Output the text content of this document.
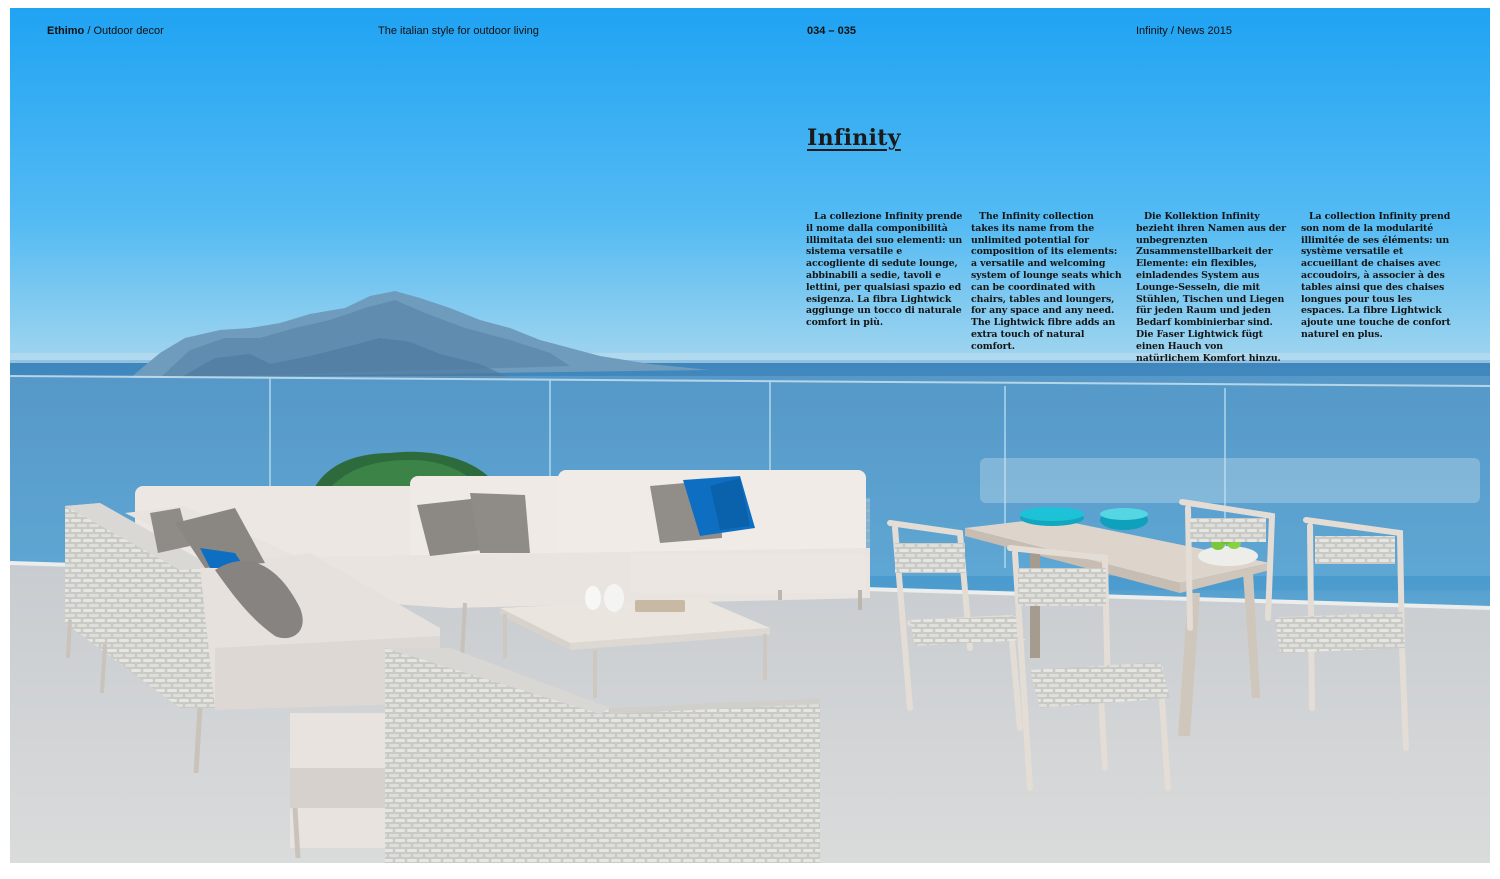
Ethimo / Outdoor decor	The italian style for outdoor living	034 – 035	Infinity / News 2015
Infinity
La collezione Infinity prende il nome dalla componibilità illimitata dei suo elementi: un sistema versatile e accogliente di sedute lounge, abbinabili a sedie, tavoli e lettini, per qualsiasi spazio ed esigenza. La fibra Lightwick aggiunge un tocco di naturale comfort in più.
The Infinity collection takes its name from the unlimited potential for composition of its elements: a versatile and welcoming system of lounge seats which can be coordinated with chairs, tables and loungers, for any space and any need. The Lightwick fibre adds an extra touch of natural comfort.
Die Kollektion Infinity bezieht ihren Namen aus der unbegrenzten Zusammenstellbarkeit der Elemente: ein flexibles, einladendes System aus Lounge-Sesseln, die mit Stühlen, Tischen und Liegen für jeden Raum und jeden Bedarf kombinierbar sind. Die Faser Lightwick fügt einen Hauch von natürlichem Komfort hinzu.
La collection Infinity prend son nom de la modularité illimitée de ses éléments: un système versatile et accueillant de chaises avec accoudoirs, à associer à des tables ainsi que des chaises longues pour tous les espaces. La fibre Lightwick ajoute une touche de confort naturel en plus.
